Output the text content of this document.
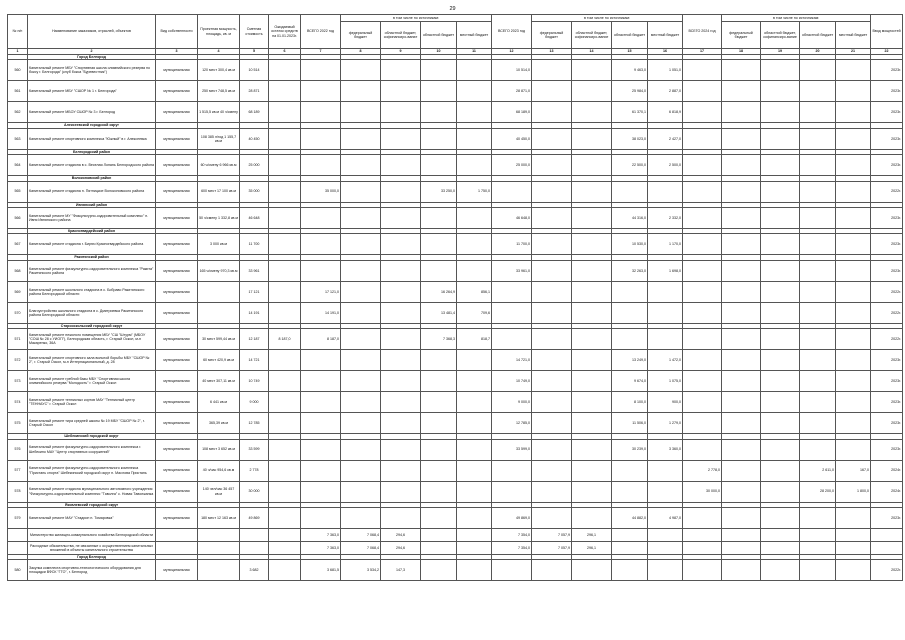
29
№ п/п	Наименование заказчиков, отраслей, объектов	Вид собственности	Проектная мощность, площадь, кв. м	Сметная стоимость	Ожидаемый остаток средств на 01.01.2023г.	ВСЕГО 2022 год	в том числе по источникам:				ВСЕГО 2023 год	в том числе по источникам:				ВСЕГО 2024 год	в том числе по источникам:				Ввод мощностей
							федеральный бюджет	областной бюджет, софинансиро-вание	областной бюджет	местный бюджет		федеральный бюджет	областной бюджет, софинансиро-вание	областной бюджет	местный бюджет		федеральный бюджет	областной бюджет, софинансиро-вание	областной бюджет	местный бюджет	
1	2	3	4	5	6	7	8	9	10	11	12	13	14	15	16	17	18	19	20	21	22
	Город Белгород																				
560	Капитальный ремонт МБУ "Спортивная школа олимпийского резерва по боксу г. Белгорода" (клуб бокса "Буревестник")	муниципальная	120 мест 300,4 кв.м	10 514							10 514,0			9 463,0	1 051,0						2023г.
561	Капитальный ремонт МБУ "СШОР № 1 г. Белгорода"	муниципальная	250 мест 748,5 кв.м	28 871							28 871,0			25 984,0	2 887,0						2023г.
562	Капитальный ремонт МБОУ СШОР № 3 г. Белгород	муниципальная	1 515,5 кв.м 40 ч/смену	68 189							68 189,0			61 370,1	6 818,9						2023г.
	Алексеевский городской округ																				
563	Капитальный ремонт спортивного комплекса "Южный" в г. Алексеевка	муниципальная	108 385 л/год 1 155,7 кв.м	40 450							40 450,0			38 023,0	2 427,0						2023г.
	Белгородский район																				
564	Капитальный ремонт стадиона в с. Веселая Лопань Белгородского района	муниципальная	60 ч/смену 6 966 кв.м	25 000							25 000,0			22 500,0	2 500,0						2023г.
	Волоконовский район																				
565	Капитальный ремонт стадиона п. Пятницкое Волоконовского района	муниципальная	600 мест 17 100 кв.м	35 000		35 000,0			33 250,0	1 750,0											2022г.
	Ивнянский район																				
566	Капитальный ремонт МУ "Физкультурно-оздоровительный комплекс" п. Ивня Ивнянского района	муниципальная	50 ч/смену 1 332,8 кв.м	46 648							46 648,0			44 316,0	2 332,0						2023г.
	Красногвардейский район																				
567	Капитальный ремонт стадиона г. Бирюч Красногвардейского района	муниципальная	3 000 кв.м	11 700							11 700,0			10 530,0	1 170,0						2023г.
	Ракитянский район																				
568	Капитальный ремонт физкультурно-оздоровительного комплекса "Ракита" Ракитянского района	муниципальная	165 ч/смену 970,3 кв.м	33 961							33 961,0			32 263,0	1 698,0						2023г.
569	Капитальный ремонт школьного стадиона в с. Бобраво Ракитянского района Белгородской области	муниципальная		17 121		17 121,0			16 264,9	856,1											2022г.
570	Благоустройство школьного стадиона в с. Дмитриевка Ракитянского района Белгородской области	муниципальная		14 191		14 191,0			13 481,4	709,6											2022г.
	Старооскольский городской округ																				
571	Капитальный ремонт нежилого помещения МБУ "СШ "Штурм" (МБОУ "СОШ № 28 с УИОП"), Белгородская область, г. Старый Оскол, м-н Макаренко, 36А	муниципальная	30 мест 599,44 кв.м	12 187	8 187,0	8 187,0			7 368,3	818,7											2022г.
572	Капитальный ремонт спортивного зала вольной борьбы МБУ "СШОР № 2", г. Старый Оскол, м-н Интернациональный, д. 28	муниципальная	60 мест 420,9 кв.м	14 721							14 721,0			13 249,0	1 472,0						2023г.
573	Капитальный ремонт гребной базы МБУ "Спортивная школа олимпийского резерва "Молодость" г. Старый Оскол	муниципальная	40 мест 307,11 кв.м	10 749							10 749,0			9 674,0	1 075,0						2023г.
574	Капитальный ремонт теннисных кортов МАУ "Теннисный центр "ТЕННАУС" г. Старый Оскол	муниципальная	6 441 кв.м	9 000							9 000,0			8 100,0	900,0						2023г.
575	Капитальный ремонт тира средней школы № 19 МБУ "СШОР № 2", г. Старый Оскол	муниципальная	365,39 кв.м	12 785							12 785,0			11 506,0	1 279,0						2023г.
	Шебекинский городской округ																				
576	Капитальный ремонт физкультурно-оздоровительного комплекса г. Шебекино МАУ "Центр спортивных сооружений"	муниципальная	108 мест 3 652 кв.м	33 599							33 599,0			30 239,0	3 360,0						2023г.
577	Капитальный ремонт физкультурно-оздоровительного комплекса "Пристань спорта" Шебекинский городской округ п. Маслова Пристань	муниципальная	40 ч/час 954,6 кв.м	2 778												2 778,0			2 611,0	167,0	2024г.
578	Капитальный ремонт стадиона муниципального автономного учреждения "Физкультурно-оздоровительный комплекс "Таволга" с. Новая Таволжанка	муниципальная	140 чел/час 36 457 кв.м	30 000												30 000,0			28 200,0	1 800,0	2024г.
	Яковлевский городской округ																				
579	Капитальный ремонт МАУ "Стадион п. Томаровка"	муниципальная	180 мест 12 163 кв.м	49 869							49 869,0			44 882,0	4 987,0						2023г.
	Министерство жилищно-коммунального хозяйства Белгородской области					7 363,0	7 068,4	294,6			7 354,0	7 057,9	296,1								
	Расходные обязательства, не связанные с осуществлением капитальных вложений в объекты капитального строительства					7 363,0	7 068,4	294,6			7 354,0	7 057,9	296,1								
	Город Белгород																				
580	Закупка комплекта спортивно-технологического оборудования для площадки ВФСК "ГТО", г. Белгород	муниципальная		3 682		3 681,5	3 534,2	147,3													2022г.
